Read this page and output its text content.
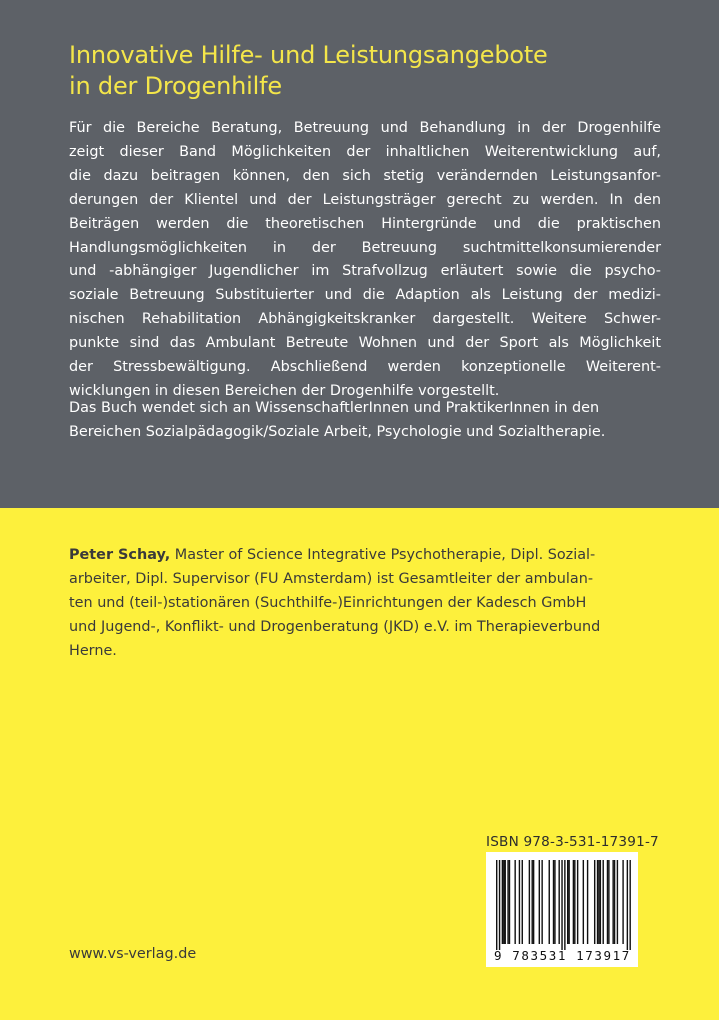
Innovative Hilfe- und Leistungsangebote
in der Drogenhilfe
Für die Bereiche Beratung, Betreuung und Behandlung in der Drogenhilfe
zeigt dieser Band Möglichkeiten der inhaltlichen Weiterentwicklung auf,
die dazu beitragen können, den sich stetig verändernden Leistungsanfor-
derungen der Klientel und der Leistungsträger gerecht zu werden. In den
Beiträgen werden die theoretischen Hintergründe und die praktischen
Handlungsmöglichkeiten in der Betreuung suchtmittelkonsumierender
und -abhängiger Jugendlicher im Strafvollzug erläutert sowie die psycho-
soziale Betreuung Substituierter und die Adaption als Leistung der medizi-
nischen Rehabilitation Abhängigkeitskranker dargestellt. Weitere Schwer-
punkte sind das Ambulant Betreute Wohnen und der Sport als Möglichkeit
der Stressbewältigung. Abschließend werden konzeptionelle Weiterent-
wicklungen in diesen Bereichen der Drogenhilfe vorgestellt.
Das Buch wendet sich an WissenschaftlerInnen und PraktikerInnen in den
Bereichen Sozialpädagogik/Soziale Arbeit, Psychologie und Sozialtherapie.
Peter Schay, Master of Science Integrative Psychotherapie, Dipl. Sozial-
arbeiter, Dipl. Supervisor (FU Amsterdam) ist Gesamtleiter der ambulan-
ten und (teil-)stationären (Suchthilfe-)Einrichtungen der Kadesch GmbH
und Jugend-, Konflikt- und Drogenberatung (JKD) e.V. im Therapieverbund
Herne.
ISBN 978-3-531-17391-7
9 783531 173917
www.vs-verlag.de
